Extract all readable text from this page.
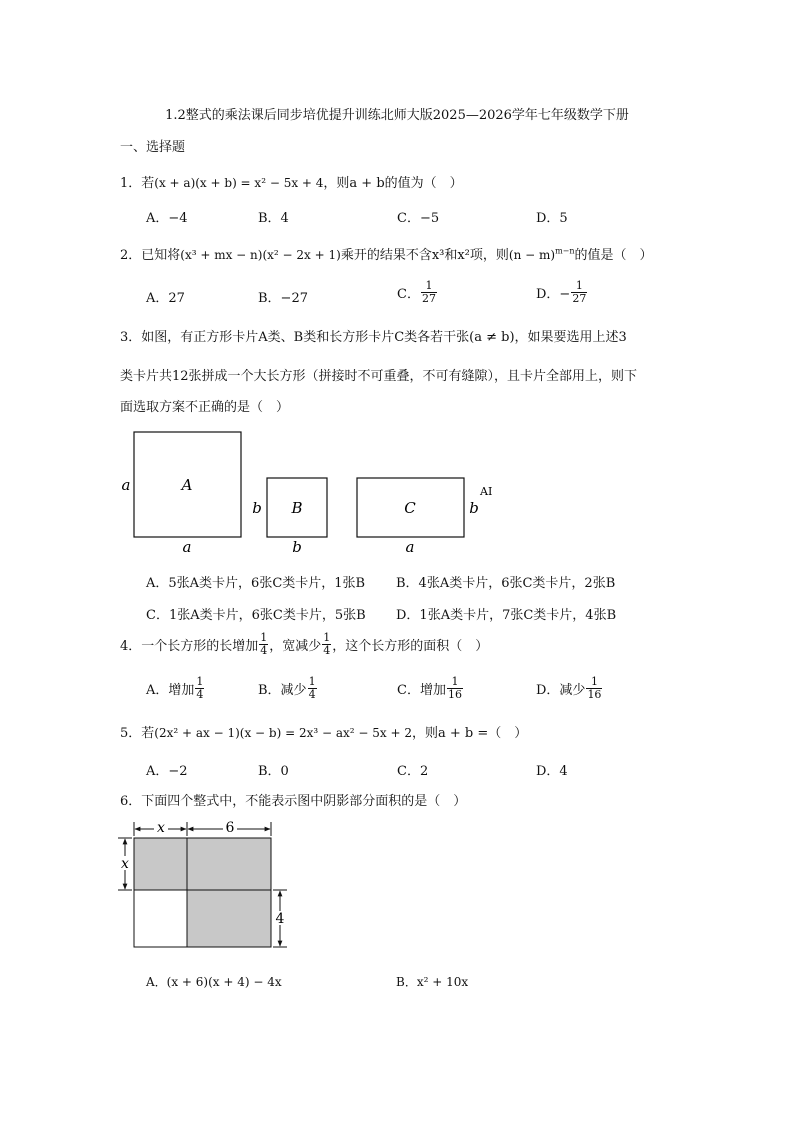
1.2整式的乘法课后同步培优提升训练北师大版2025—2026学年七年级数学下册
一、选择题
1．若(x + a)(x + b) = x² − 5x + 4，则a + b的值为（　）
A．−4	B．4	C．−5	D．5
2．已知将(x³ + mx − n)(x² − 2x + 1)乘开的结果不含x³和x²项，则$(n - m)^{m-n}$的值是（　）
A．27	B．−27	C． $\frac{1}{27}$	D．− $\frac{1}{27}$
3．如图，有正方形卡片A类、B类和长方形卡片C类各若干张(a ≠ b)，如果要选用上述3
类卡片共12张拼成一个大长方形（拼接时不可重叠，不可有缝隙），且卡片全部用上，则下
面选取方案不正确的是（　）
A
a
a
B
b
b
C	b
a
AI
A．5张A类卡片，6张C类卡片，1张B B．4张A类卡片，6张C类卡片，2张B
C．1张A类卡片，6张C类卡片，5张B D．1张A类卡片，7张C类卡片，4张B
4．一个长方形的长增加 $\frac{1}{4}$ ，宽减少 $\frac{1}{4}$ ，这个长方形的面积（　）
A．增加 $\frac{1}{4}$	B．减少 $\frac{1}{4}$	C．增加 $\frac{1}{16}$	D．减少 $\frac{1}{16}$
5．若(2x² + ax − 1)(x − b) = 2x³ − ax² − 5x + 2，则a + b =（　）
A．−2	B．0	C．2	D．4
6．下面四个整式中，不能表示图中阴影部分面积的是（　）
x	6
x
4
A．(x + 6)(x + 4) − 4x	B．x² + 10x
